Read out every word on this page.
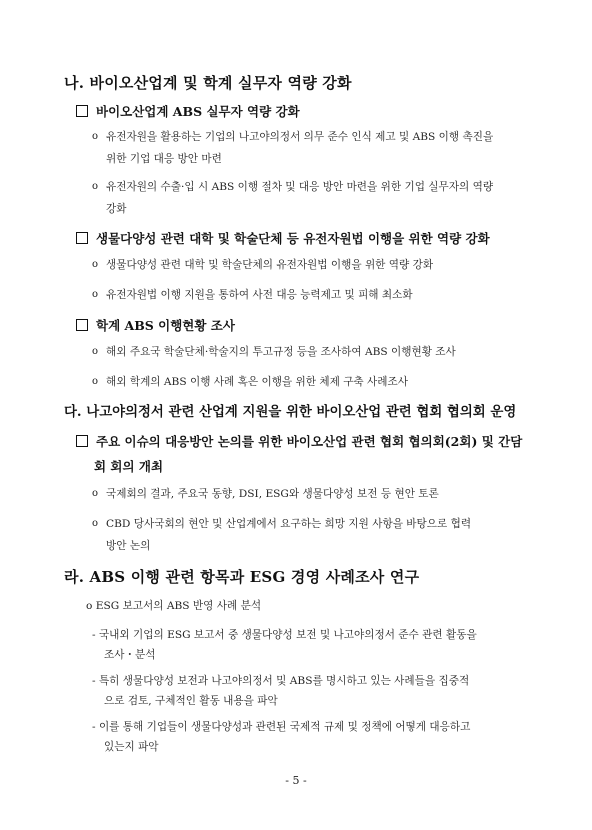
나. 바이오산업계 및 학계 실무자 역량 강화
바이오산업계 ABS 실무자 역량 강화
o 유전자원을 활용하는 기업의 나고야의정서 의무 준수 인식 제고 및 ABS 이행 촉진을
위한 기업 대응 방안 마련
o 유전자원의 수출·입 시 ABS 이행 절차 및 대응 방안 마련을 위한 기업 실무자의 역량
강화
생물다양성 관련 대학 및 학술단체 등 유전자원법 이행을 위한 역량 강화
o 생물다양성 관련 대학 및 학술단체의 유전자원법 이행을 위한 역량 강화
o 유전자원법 이행 지원을 통하여 사전 대응 능력제고 및 피해 최소화
학계 ABS 이행현황 조사
o 해외 주요국 학술단체·학술지의 투고규정 등을 조사하여 ABS 이행현황 조사
o 해외 학계의 ABS 이행 사례 혹은 이행을 위한 체제 구축 사례조사
다. 나고야의정서 관련 산업계 지원을 위한 바이오산업 관련 협회 협의회 운영
주요 이슈의 대응방안 논의를 위한 바이오산업 관련 협회 협의회(2회) 및 간담
회 회의 개최
o 국제회의 결과, 주요국 동향, DSI, ESG와 생물다양성 보전 등 현안 토론
o CBD 당사국회의 현안 및 산업계에서 요구하는 희망 지원 사항을 바탕으로 협력
방안 논의
라. ABS 이행 관련 항목과 ESG 경영 사례조사 연구
o ESG 보고서의 ABS 반영 사례 분석
- 국내외 기업의 ESG 보고서 중 생물다양성 보전 및 나고야의정서 준수 관련 활동을
조사・분석
- 특히 생물다양성 보전과 나고야의정서 및 ABS를 명시하고 있는 사례들을 집중적
으로 검토, 구체적인 활동 내용을 파악
- 이를 통해 기업들이 생물다양성과 관련된 국제적 규제 및 정책에 어떻게 대응하고
있는지 파악
- 5 -
